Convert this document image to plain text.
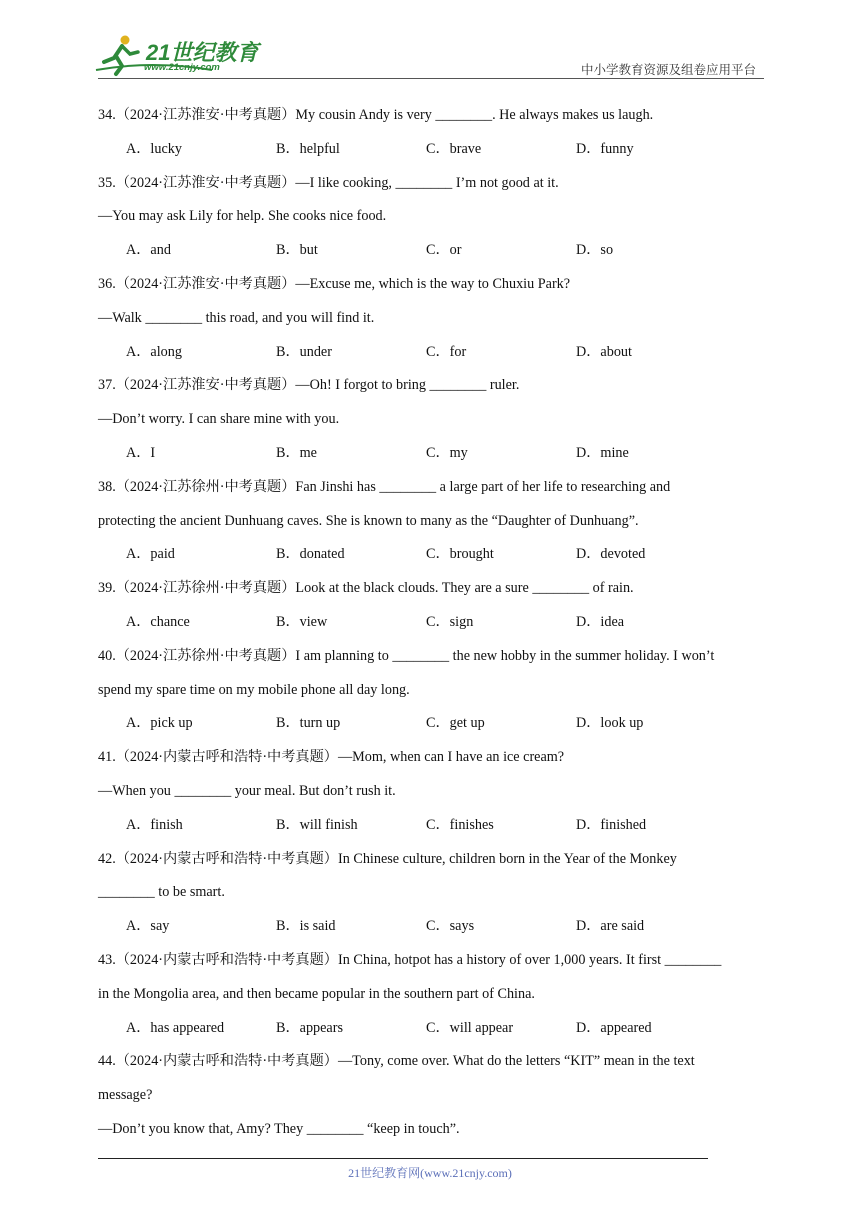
21世纪教育
www.21cnjy.com	中小学教育资源及组卷应用平台
34.（2024·江苏淮安·中考真题）My cousin Andy is very ________. He always makes us laugh.
A．lucky	B．helpful	C．brave	D．funny
35.（2024·江苏淮安·中考真题）—I like cooking, ________ I’m not good at it.
—You may ask Lily for help. She cooks nice food.
A．and	B．but	C．or	D．so
36.（2024·江苏淮安·中考真题）—Excuse me, which is the way to Chuxiu Park?
—Walk ________ this road, and you will find it.
A．along	B．under	C．for	D．about
37.（2024·江苏淮安·中考真题）—Oh! I forgot to bring ________ ruler.
—Don’t worry. I can share mine with you.
A．I	B．me	C．my	D．mine
38.（2024·江苏徐州·中考真题）Fan Jinshi has ________ a large part of her life to researching and
protecting the ancient Dunhuang caves. She is known to many as the “Daughter of Dunhuang”.
A．paid	B．donated	C．brought	D．devoted
39.（2024·江苏徐州·中考真题）Look at the black clouds. They are a sure ________ of rain.
A．chance	B．view	C．sign	D．idea
40.（2024·江苏徐州·中考真题）I am planning to ________ the new hobby in the summer holiday. I won’t
spend my spare time on my mobile phone all day long.
A．pick up	B．turn up	C．get up	D．look up
41.（2024·内蒙古呼和浩特·中考真题）—Mom, when can I have an ice cream?
—When you ________ your meal. But don’t rush it.
A．finish	B．will finish	C．finishes	D．finished
42.（2024·内蒙古呼和浩特·中考真题）In Chinese culture, children born in the Year of the Monkey
________ to be smart.
A．say	B．is said	C．says	D．are said
43.（2024·内蒙古呼和浩特·中考真题）In China, hotpot has a history of over 1,000 years. It first ________
in the Mongolia area, and then became popular in the southern part of China.
A．has appeared	B．appears	C．will appear	D．appeared
44.（2024·内蒙古呼和浩特·中考真题）—Tony, come over. What do the letters “KIT” mean in the text
message?
—Don’t you know that, Amy? They ________ “keep in touch”.
21世纪教育网(www.21cnjy.com)
